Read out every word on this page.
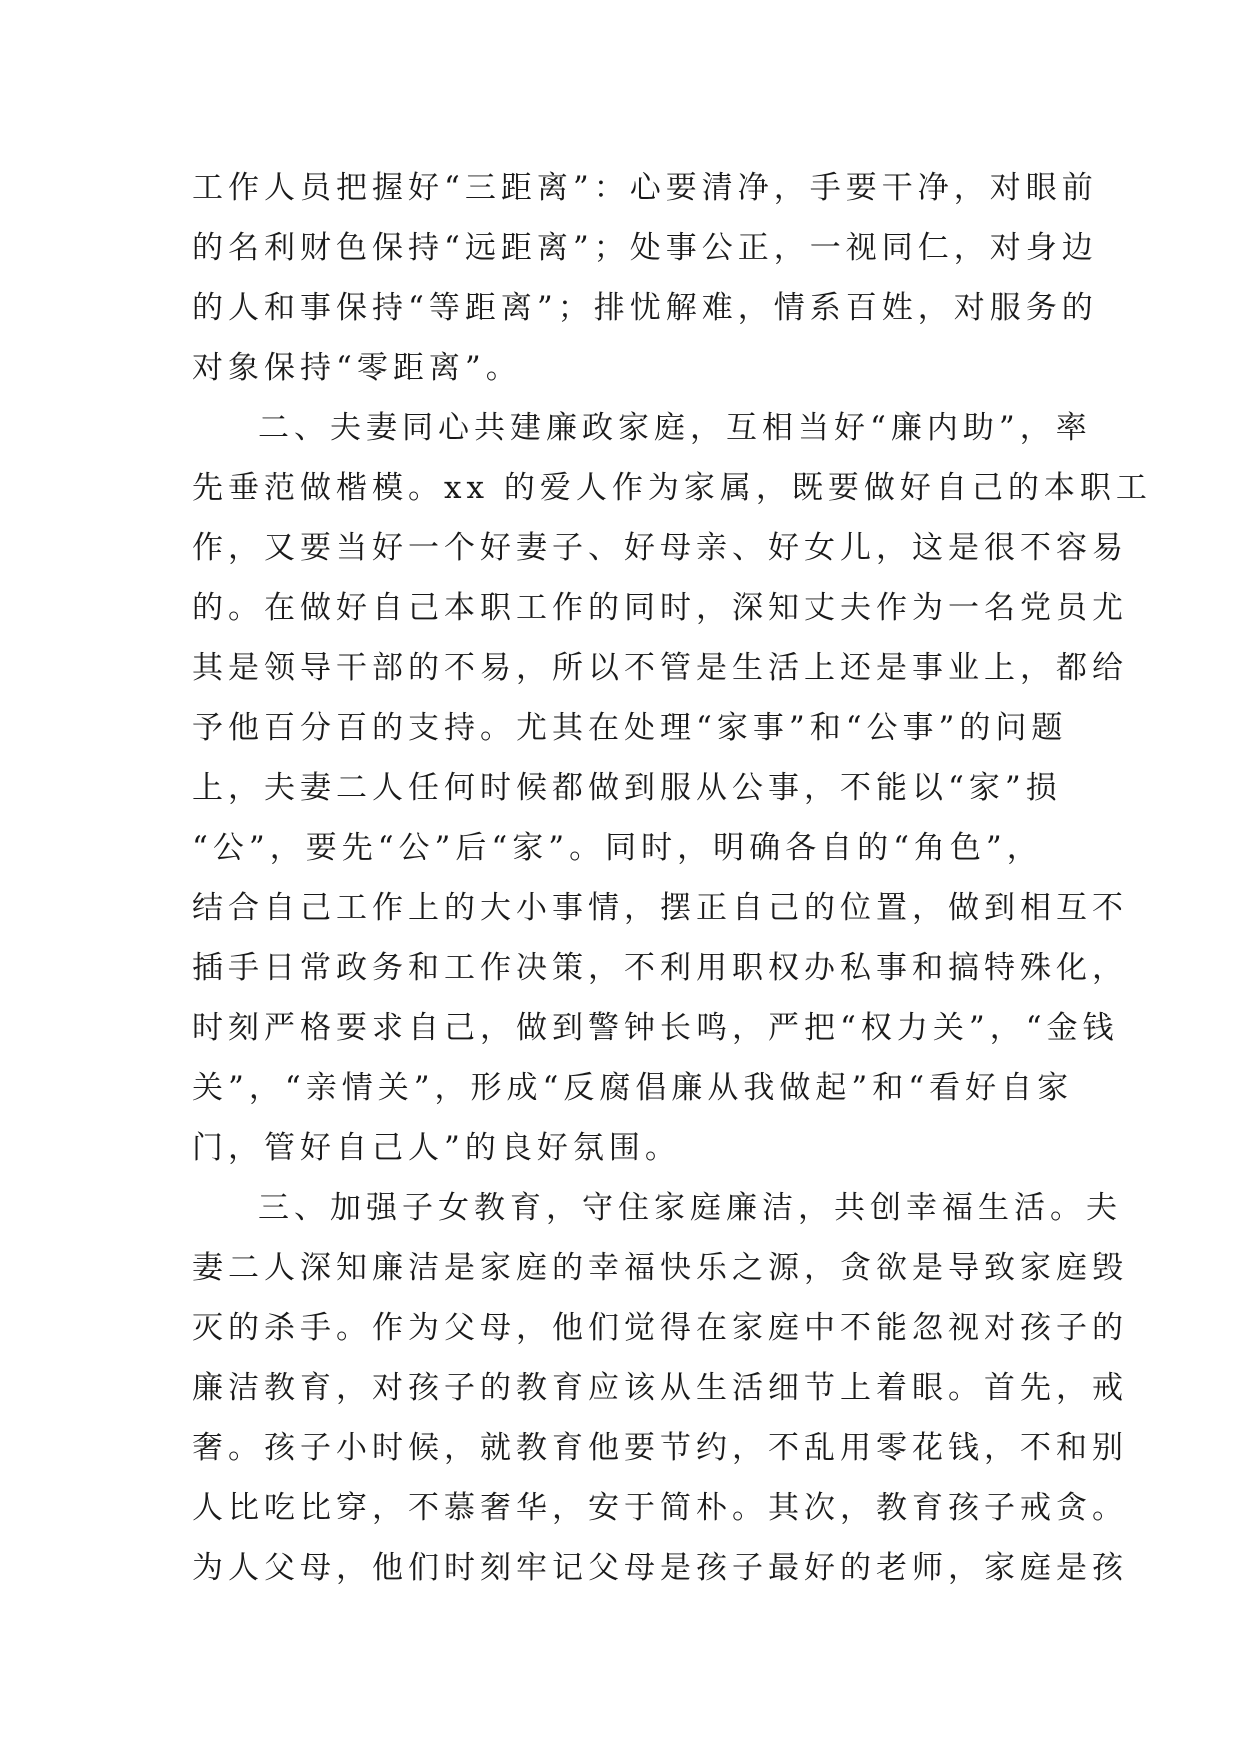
工作人员把握好“三距离”：心要清净，手要干净，对眼前
的名利财色保持“远距离”；处事公正，一视同仁，对身边
的人和事保持“等距离”；排忧解难，情系百姓，对服务的
对象保持“零距离”。
二、夫妻同心共建廉政家庭，互相当好“廉内助”，率
先垂范做楷模。xx 的爱人作为家属，既要做好自己的本职工
作，又要当好一个好妻子、好母亲、好女儿，这是很不容易
的。在做好自己本职工作的同时，深知丈夫作为一名党员尤
其是领导干部的不易，所以不管是生活上还是事业上，都给
予他百分百的支持。尤其在处理“家事”和“公事”的问题
上，夫妻二人任何时候都做到服从公事，不能以“家”损
“公”，要先“公”后“家”。同时，明确各自的“角色”，
结合自己工作上的大小事情，摆正自己的位置，做到相互不
插手日常政务和工作决策，不利用职权办私事和搞特殊化，
时刻严格要求自己，做到警钟长鸣，严把“权力关”，“金钱
关”，“亲情关”，形成“反腐倡廉从我做起”和“看好自家
门，管好自己人”的良好氛围。
三、加强子女教育，守住家庭廉洁，共创幸福生活。夫
妻二人深知廉洁是家庭的幸福快乐之源，贪欲是导致家庭毁
灭的杀手。作为父母，他们觉得在家庭中不能忽视对孩子的
廉洁教育，对孩子的教育应该从生活细节上着眼。首先，戒
奢。孩子小时候，就教育他要节约，不乱用零花钱，不和别
人比吃比穿，不慕奢华，安于简朴。其次，教育孩子戒贪。
为人父母，他们时刻牢记父母是孩子最好的老师，家庭是孩
